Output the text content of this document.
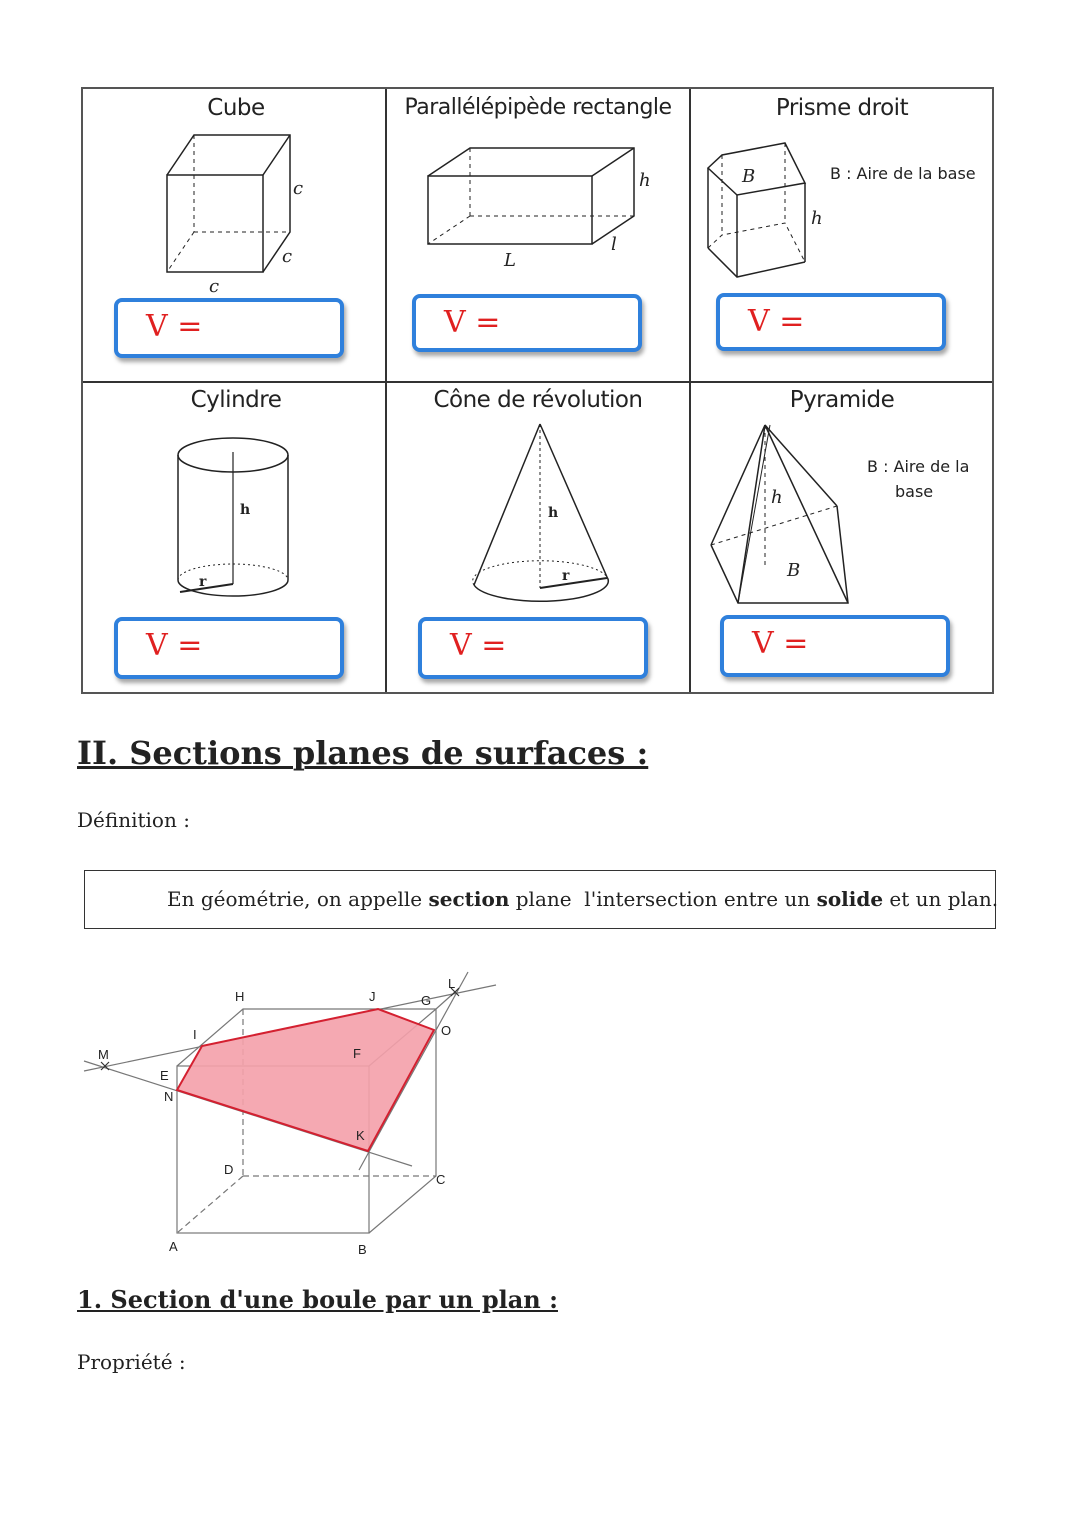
Cube	Parallélépipède rectangle	Prisme droit
Cylindre	Cône de révolution	Pyramide
B : Aire de la base
B : Aire de la
base
c
c
c
h
l
L
B
h
h
r
h
r
h
B
V =	V =	V =
V =	V =	V =
II. Sections planes de surfaces :
Définition :
En géométrie, on appelle section plane  l'intersection entre un solide et un plan.
H	J	G
L
I	O
M	F
E
N
K
D
C
A	B
1. Section d'une boule par un plan :
Propriété :
